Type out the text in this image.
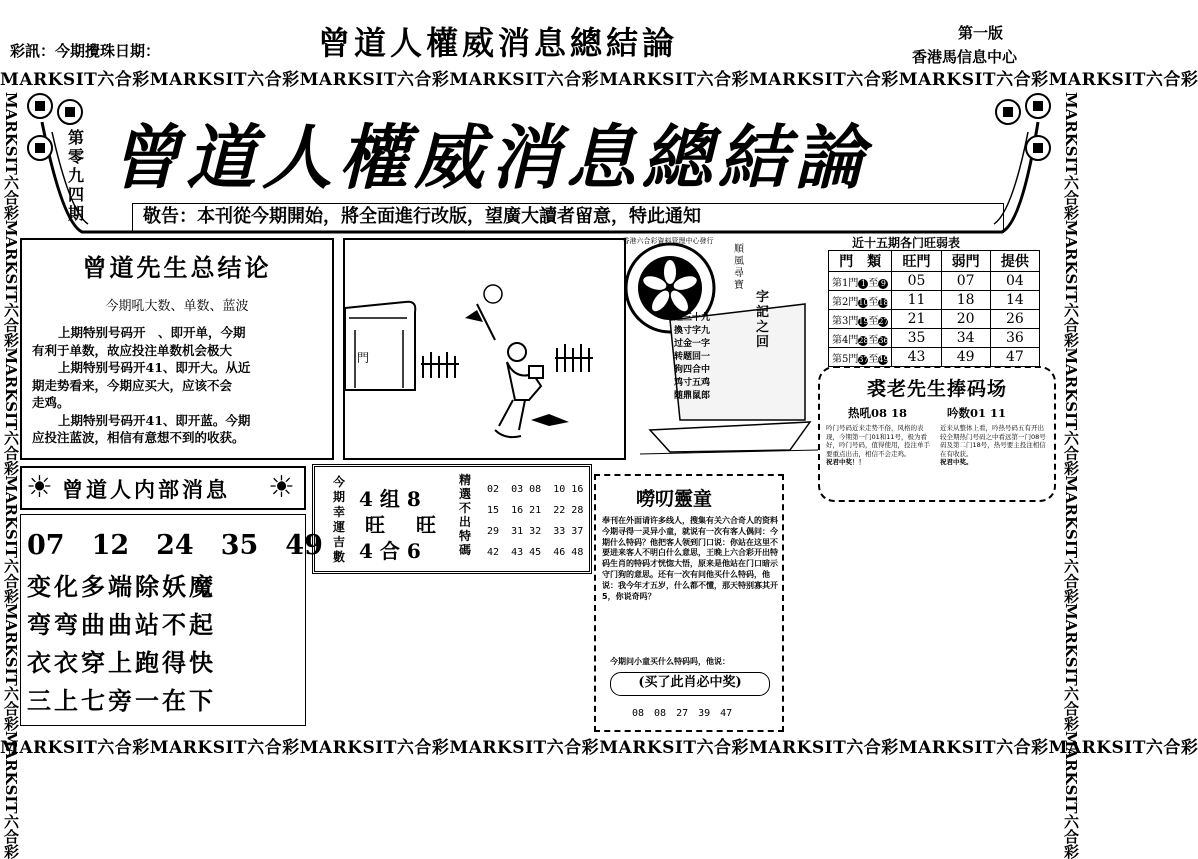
彩訊：今期攪珠日期：	曾道人權威消息總結論	第一版
香港馬信息中心
MARKSIT六合彩MARKSIT六合彩MARKSIT六合彩MARKSIT六合彩MARKSIT六合彩MARKSIT六合彩MARKSIT六合彩MARKSIT六合彩
MARKSIT六合彩MARKSIT六合彩MARKSIT六合彩MARKSIT六合彩MARKSIT六合彩MARKSIT六合彩MARKSIT六合彩MARKSIT六合彩
MARKSIT六合彩MARKSIT六合彩MARKSIT六合彩MARKSIT六合彩MARKSIT六合彩MARKSIT六合彩
MARKSIT六合彩MARKSIT六合彩MARKSIT六合彩MARKSIT六合彩MARKSIT六合彩MARKSIT六合彩
第零九四期
曾道人權威消息總結論
敬告：本刊從今期開始，將全面進行改版，望廣大讀者留意，特此通知
曾道先生总结论
今期吼大数、单数、蓝波
上期特别号码开　、即开单，今期
有利于单数，故应投注单数机会极大
上期特别号码开41、即开大。从近
期走势看来，今期应买大，应该不会
走鸡。
上期特别号码开41、即开蓝。今期
应投注蓝波，相信有意想不到的收获。
門
香港六合彩資料管理中心發行
順風尋寶
字記之回
紅三十九
換寸字九
过金一字
转题回一
狗四合中
鸡寸五鸡
随鼎鼠郎
近十五期各门旺弱表
門　類	旺門	弱門	提供
第1門 1 至 9	05	07	04
第2門10至18	11	18	14
第3門19至27	21	20	26
第4門28至36	35	34	36
第5門37至49	43	49	47
裘老先生捧码场
热吼08 18	吟数01 11
吟门号码近来走势不俗，风格的表现，今期第一门01和11号，极为看好，吟门号码，值得使用，投注单手要重点出击，相信不会走鸡。
祝君中奖！！
近来从整体上看，吟热号码五有开出较全期热门号码之中看远第一门08号码及第二门18号，热号要主投注相信在有收获。
祝君中奖。
☀ 曾道人内部消息 ☀
07　12　24　35　49
变化多端除妖魔
弯弯曲曲站不起
衣衣穿上跑得快
三上七旁一在下
今期幸運吉數
4 组 8
旺 旺
4 合 6
精選不出特碼
02 03 08 10 16
15 16 21 22 28
29 31 32 33 37
42 43 45 46 48
嘮叨靈童
奉刊在外面请许多线人，搜集有关六合奇人的资料今期寻得一灵异小童，就说有一次有客人偶问：今期什么特码？他把客人领到门口说：你站在这里不要进来客人不明白什么意思，王晚上六合彩开出特码生肖的特码才恍惚大悟，原来是他站在门口暗示守门狗的意思。还有一次有问他买什么特码，他说：我今年才五岁，什么都不懂，那天特别寡其开5，你说奇吗？
今期问小童买什么特码吗，他说：
(买了此肖必中奖)
08　08　27　39　47
